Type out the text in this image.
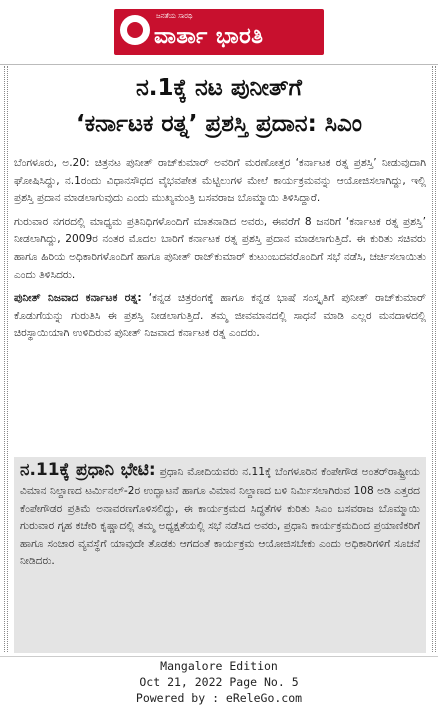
ಜನತೆಯ ಸಾರಥಿ
ವಾರ್ತಾ ಭಾರತಿ
ನ.1ಕ್ಕೆ ನಟ ಪುನೀತ್‌ಗೆ
‘ಕರ್ನಾಟಕ ರತ್ನ’ ಪ್ರಶಸ್ತಿ ಪ್ರದಾನ: ಸಿಎಂ

ಬೆಂಗಳೂರು, ಅ.20: ಚಿತ್ರನಟ ಪುನೀತ್ ರಾಜ್‌ಕುಮಾರ್ ಅವರಿಗೆ ಮರಣೋತ್ತರ ‘ಕರ್ನಾಟಕ ರತ್ನ ಪ್ರಶಸ್ತಿ’ ನೀಡುವುದಾಗಿ ಘೋಷಿಸಿದ್ದು, ನ.1ರಂದು ವಿಧಾನಸೌಧದ ವೈಭವಪೇತ ಮೆಟ್ಟಿಲುಗಳ ಮೇಲೆ ಕಾರ್ಯಕ್ರಮವನ್ನು ಆಯೋಜಿಸಲಾಗಿದ್ದು, ಇಲ್ಲಿ ಪ್ರಶಸ್ತಿ ಪ್ರದಾನ ಮಾಡಲಾಗುವುದು ಎಂದು ಮುಖ್ಯಮಂತ್ರಿ ಬಸವರಾಜ ಬೊಮ್ಮಾಯಿ ತಿಳಿಸಿದ್ದಾರೆ.

ಗುರುವಾರ ನಗರದಲ್ಲಿ ಮಾಧ್ಯಮ ಪ್ರತಿನಿಧಿಗಳೊಂದಿಗೆ ಮಾತನಾಡಿದ ಅವರು, ಈವರೆಗೆ 8 ಜನರಿಗೆ ‘ಕರ್ನಾಟಕ ರತ್ನ ಪ್ರಶಸ್ತಿ’ ನೀಡಲಾಗಿದ್ದು, 2009ರ ನಂತರ ಮೊದಲ ಬಾರಿಗೆ ಕರ್ನಾಟಕ ರತ್ನ ಪ್ರಶಸ್ತಿ ಪ್ರದಾನ ಮಾಡಲಾಗುತ್ತಿದೆ. ಈ ಕುರಿತು ಸಚಿವರು ಹಾಗೂ ಹಿರಿಯ ಅಧಿಕಾರಿಗಳೊಂದಿಗೆ ಹಾಗೂ ಪುನೀತ್ ರಾಜ್‌ಕುಮಾರ್ ಕುಟುಂಬದವರೊಂದಿಗೆ ಸಭೆ ನಡೆಸಿ, ಚರ್ಚಿಸಲಾಯಿತು ಎಂದು ತಿಳಿಸಿದರು.

ಪುನೀತ್ ನಿಜವಾದ ಕರ್ನಾಟಕ ರತ್ನ: ‘ಕನ್ನಡ ಚಿತ್ರರಂಗಕ್ಕೆ ಹಾಗೂ ಕನ್ನಡ ಭಾಷೆ ಸಂಸ್ಕೃತಿಗೆ ಪುನೀತ್ ರಾಜ್‌ಕುಮಾರ್ ಕೊಡುಗೆಯನ್ನು ಗುರುತಿಸಿ ಈ ಪ್ರಶಸ್ತಿ ನೀಡಲಾಗುತ್ತಿದೆ. ತಮ್ಮ ಜೀವಮಾನದಲ್ಲಿ ಸಾಧನೆ ಮಾಡಿ ಎಲ್ಲರ ಮನದಾಳದಲ್ಲಿ ಚಿರಸ್ಥಾಯಿಯಾಗಿ ಉಳಿದಿರುವ ಪುನೀತ್ ನಿಜವಾದ ಕರ್ನಾಟಕ ರತ್ನ ಎಂದರು.

ನ.11ಕ್ಕೆ ಪ್ರಧಾನಿ ಭೇಟಿ: ಪ್ರಧಾನಿ ಮೋದಿಯವರು ನ.11ಕ್ಕೆ ಬೆಂಗಳೂರಿನ ಕೆಂಪೇಗೌಡ ಅಂತರ್‌ರಾಷ್ಟ್ರೀಯ ವಿಮಾನ ನಿಲ್ದಾಣದ ಟರ್ಮಿನಲ್-2ರ ಉದ್ಘಾಟನೆ ಹಾಗೂ ವಿಮಾನ ನಿಲ್ದಾಣದ ಬಳಿ ನಿರ್ಮಿಸಲಾಗಿರುವ 108 ಅಡಿ ಎತ್ತರದ ಕೆಂಪೇಗೌಡರ ಪ್ರತಿಮೆ ಅನಾವರಣಗೊಳಿಸಲಿದ್ದು, ಈ ಕಾರ್ಯಕ್ರಮದ ಸಿದ್ಧತೆಗಳ ಕುರಿತು ಸಿಎಂ ಬಸವರಾಜ ಬೊಮ್ಮಾಯಿ ಗುರುವಾರ ಗೃಹ ಕಚೇರಿ ಕೃಷ್ಣಾದಲ್ಲಿ ತಮ್ಮ ಅಧ್ಯಕ್ಷತೆಯಲ್ಲಿ ಸಭೆ ನಡೆಸಿದ ಅವರು, ಪ್ರಧಾನಿ ಕಾರ್ಯಕ್ರಮದಿಂದ ಪ್ರಯಾಣಿಕರಿಗೆ ಹಾಗೂ ಸಂಚಾರ ವ್ಯವಸ್ಥೆಗೆ ಯಾವುದೇ ತೊಡಕು ಆಗದಂತೆ ಕಾರ್ಯಕ್ರಮ ಆಯೋಜಿಸಬೇಕು ಎಂದು ಅಧಿಕಾರಿಗಳಿಗೆ ಸೂಚನೆ ನೀಡಿದರು.
Mangalore Edition
Oct 21, 2022 Page No. 5
Powered by : eReleGo.com
